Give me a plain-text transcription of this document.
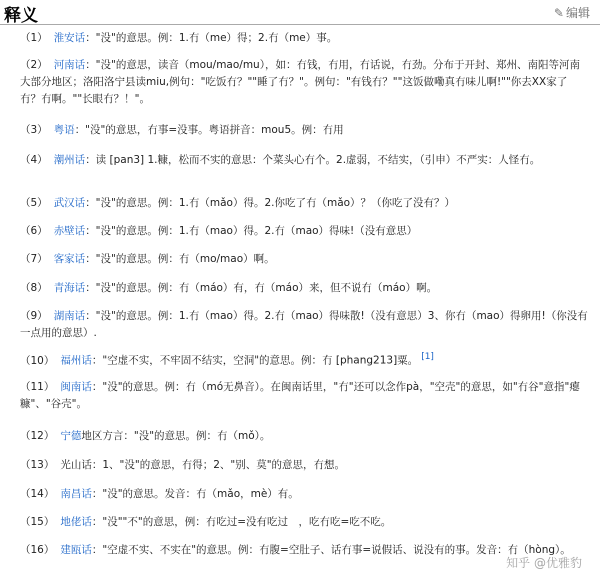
释义	✎ 编辑
（1） 淮安话："没"的意思。例：1.冇（me）得；2.冇（me）事。
（2） 河南话："没"的意思，读音（mou/mao/mu），如：冇钱，冇用，冇话说，冇劲。分布于开封、郑州、南阳等河南大部分地区；洛阳洛宁县读miu,例句："吃饭冇？""睡了冇？"。例句："有钱冇？""这饭做嘞真冇味儿啊!""你去XX家了冇？冇啊。""长眼冇？！"。
（3） 粤语："没"的意思，冇事=没事。粤语拼音：mou5。例：冇用
（4） 潮州话：读 [pan3] 1.糠，松而不实的意思：个菜头心冇个。2.虚弱，不结实，（引申）不严实：人怪冇。
（5） 武汉话："没"的意思。例：1.冇（mǎo）得。2.你吃了冇（mǎo）？（你吃了没有？）
（6） 赤壁话："没"的意思。例：1.冇（mao）得。2.冇（mao）得味!（没有意思）
（7） 客家话："没"的意思。例：冇（mo/mao）啊。
（8） 青海话："没"的意思。例：冇（máo）有，冇（máo）来，但不说冇（máo）啊。
（9） 湖南话："没"的意思。例：1.冇（mao）得。2.冇（mao）得味散!（没有意思）3、你冇（mao）得卵用!（你没有一点用的意思）.
（10） 福州话："空虚不实，不牢固不结实，空洞"的意思。例：冇 [phang213]粟。 [1]
（11） 闽南话："没"的意思。例：冇（mó无鼻音）。在闽南话里，"冇"还可以念作pà，"空壳"的意思，如"冇谷"意指"瘪糠"、"谷壳"。
（12） 宁德地区方言："没"的意思。例：冇（mǒ）。
（13） 光山话：1、"没"的意思，冇得；2、"别、莫"的意思，冇想。
（14） 南昌话："没"的意思。发音：冇（mǎo，mè）有。
（15） 地佬话："没""不"的意思，例：冇吃过=没有吃过　，吃冇吃=吃不吃。
（16） 建瓯话："空虚不实、不实在"的意思。例：冇腹=空肚子、话冇事=说假话、说没有的事。发音：冇（hòng）。
知乎 @优雅豹
